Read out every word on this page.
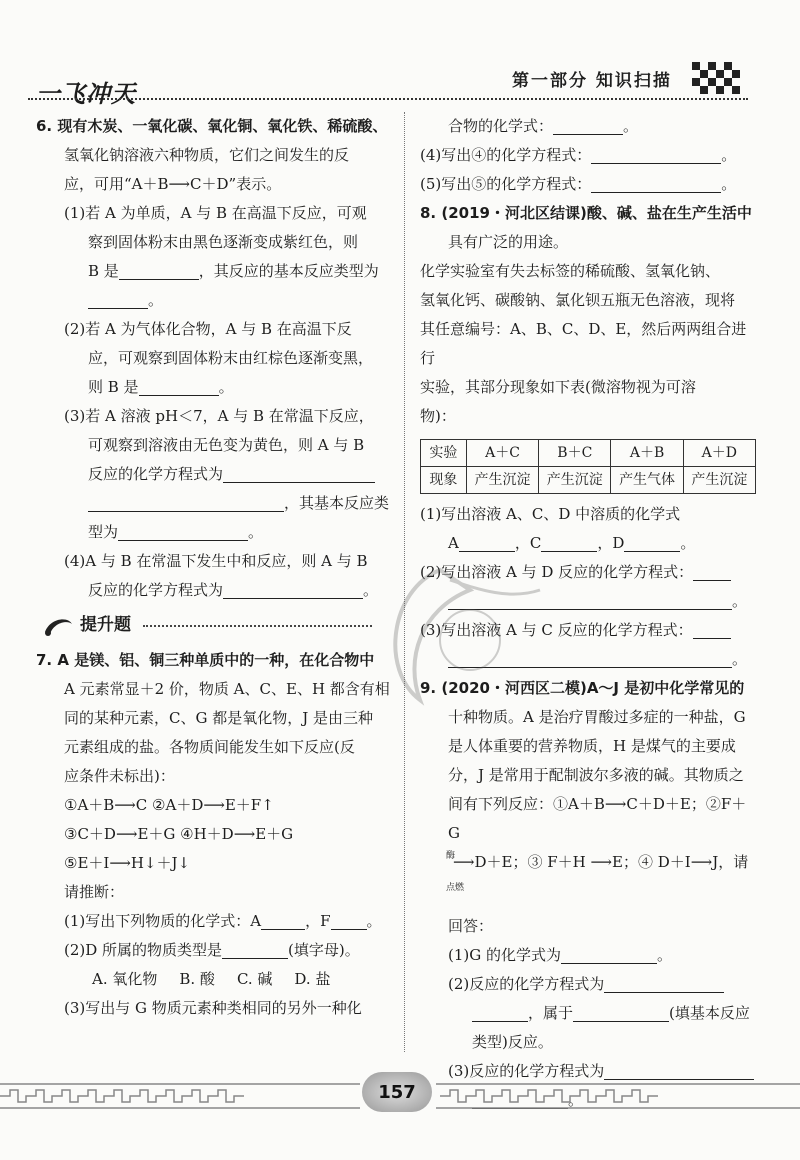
一飞冲天	第一部分 知识扫描

6. 现有木炭、一氧化碳、氧化铜、氧化铁、稀硫酸、

氢氧化钠溶液六种物质，它们之间发生的反

应，可用“A＋B⟶C＋D”表示。

(1)若 A 为单质，A 与 B 在高温下反应，可观

察到固体粉末由黑色逐渐变成紫红色，则

B 是	，其反应的基本反应类型为

。

(2)若 A 为气体化合物，A 与 B 在高温下反

应，可观察到固体粉末由红棕色逐渐变黑，

则 B 是	。

(3)若 A 溶液 pH＜7，A 与 B 在常温下反应，

可观察到溶液由无色变为黄色，则 A 与 B

反应的化学方程式为

，其基本反应类

型为	。

(4)A 与 B 在常温下发生中和反应，则 A 与 B

反应的化学方程式为	。

提升题

7. A 是镁、铝、铜三种单质中的一种，在化合物中

A 元素常显＋2 价，物质 A、C、E、H 都含有相

同的某种元素，C、G 都是氧化物，J 是由三种

元素组成的盐。各物质间能发生如下反应(反

应条件未标出)：

①A＋B⟶C ②A＋D⟶E＋F↑

③C＋D⟶E＋G ④H＋D⟶E＋G

⑤E＋I⟶H↓＋J↓

请推断：

(1)写出下列物质的化学式：A	，F 。

(2)D 所属的物质类型是	(填字母)。

A. 氧化物 B. 酸 C. 碱 D. 盐

(3)写出与 G 物质元素种类相同的另外一种化

合物的化学式：	。

(4)写出④的化学方程式：	。

(5)写出⑤的化学方程式：	。

8. (2019・河北区结课)酸、碱、盐在生产生活中

具有广泛的用途。

化学实验室有失去标签的稀硫酸、氢氧化钠、

氢氧化钙、碳酸钠、氯化钡五瓶无色溶液，现将

其任意编号：A、B、C、D、E，然后两两组合进行

实验，其部分现象如下表(微溶物视为可溶

物)：

实验	A＋C	B＋C	A＋B	A＋D
现象	产生沉淀	产生沉淀	产生气体	产生沉淀

(1)写出溶液 A、C、D 中溶质的化学式

A	，C	，D	。

(2)写出溶液 A 与 D 反应的化学方程式：

。

(3)写出溶液 A 与 C 反应的化学方程式：

。

9. (2020・河西区二模)A～J 是初中化学常见的

十种物质。A 是治疗胃酸过多症的一种盐，G

是人体重要的营养物质，H 是煤气的主要成

分，J 是常用于配制波尔多液的碱。其物质之

间有下列反应：①A＋B⟶C＋D＋E；②F＋G

酶⟶D＋E；③ F＋H ⟶E；④ D＋I⟶J，请点燃

回答：

(1)G 的化学式为	。

(2)反应的化学方程式为

，属于	(填基本反应

类型)反应。

(3)反应的化学方程式为

。

157
